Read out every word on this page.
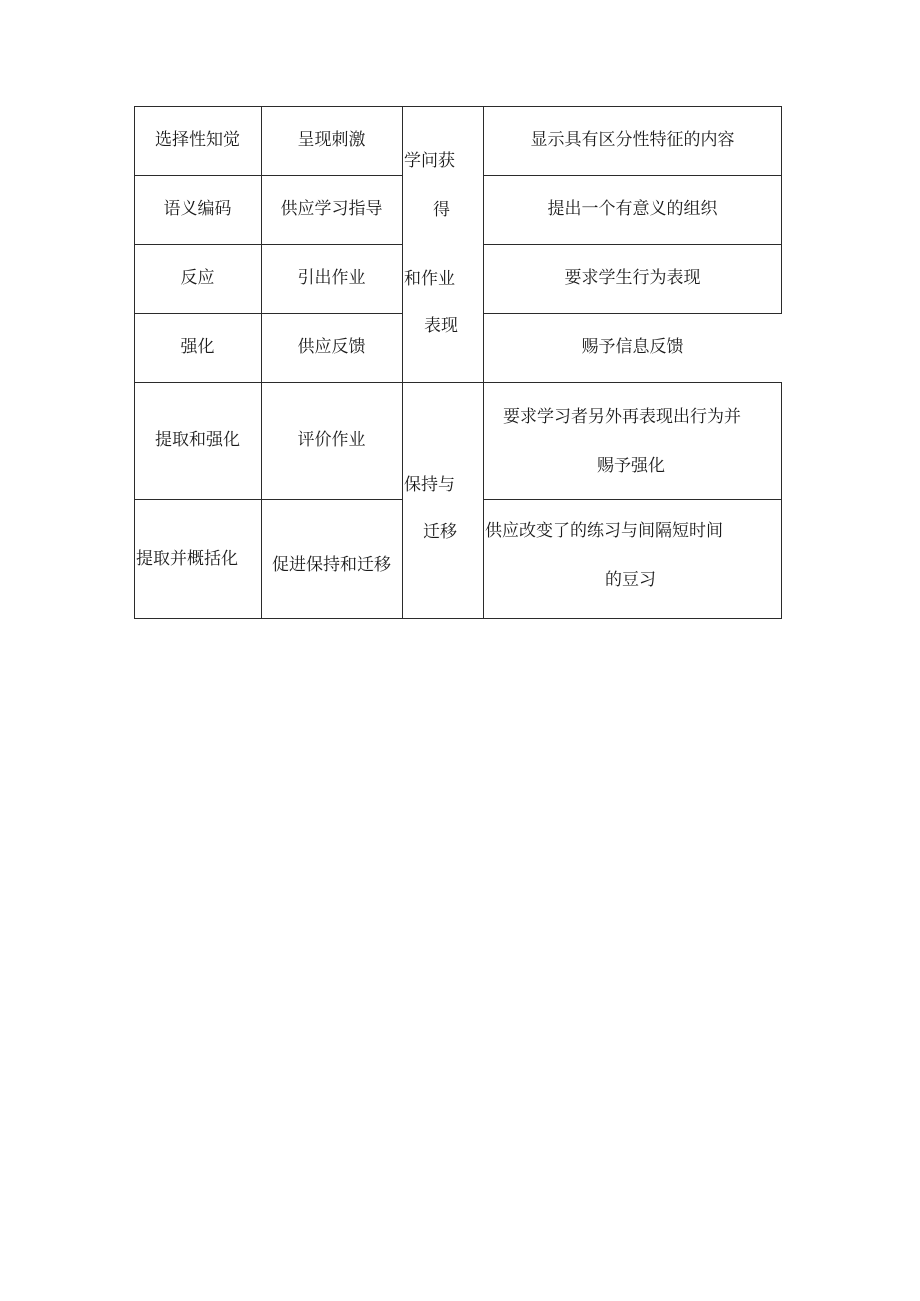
选择性知觉
语义编码
反应
强化
提取和强化
提取并概括化
呈现刺激
供应学习指导
引出作业
供应反馈
评价作业
促进保持和迁移
学问获
得
和作业
表现
保持与
迁移
显示具有区分性特征的内容
提出一个有意义的组织
要求学生行为表现
赐予信息反馈
要求学习者另外再表现出行为并
赐予强化
供应改变了的练习与间隔短时间
的豆习
